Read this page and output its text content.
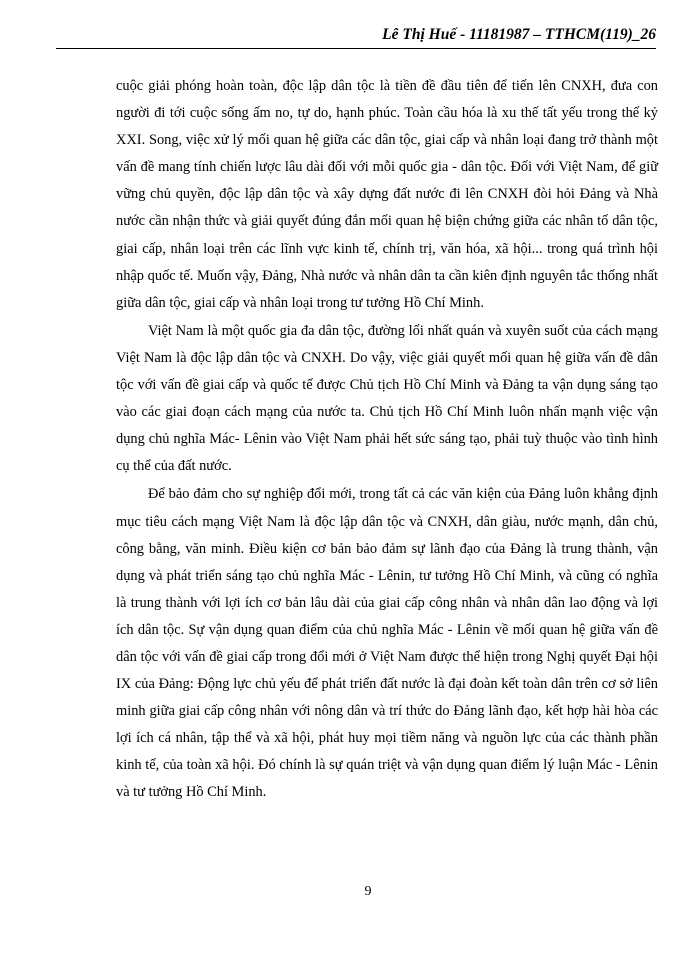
Lê Thị Huế - 11181987 – TTHCM(119)_26

cuộc giải phóng hoàn toàn, độc lập dân tộc là tiền đề đầu tiên để tiến lên CNXH, đưa con người đi tới cuộc sống ấm no, tự do, hạnh phúc. Toàn cầu hóa là xu thế tất yếu trong thế kỷ XXI. Song, việc xử lý mối quan hệ giữa các dân tộc, giai cấp và nhân loại đang trở thành một vấn đề mang tính chiến lược lâu dài đối với mỗi quốc gia - dân tộc. Đối với Việt Nam, để giữ vững chủ quyền, độc lập dân tộc và xây dựng đất nước đi lên CNXH đòi hỏi Đảng và Nhà nước cần nhận thức và giải quyết đúng đắn mối quan hệ biện chứng giữa các nhân tố dân tộc, giai cấp, nhân loại trên các lĩnh vực kinh tế, chính trị, văn hóa, xã hội... trong quá trình hội nhập quốc tế. Muốn vậy, Đảng, Nhà nước và nhân dân ta cần kiên định nguyên tắc thống nhất giữa dân tộc, giai cấp và nhân loại trong tư tưởng Hồ Chí Minh.

Việt Nam là một quốc gia đa dân tộc, đường lối nhất quán và xuyên suốt của cách mạng Việt Nam là độc lập dân tộc và CNXH. Do vậy, việc giải quyết mối quan hệ giữa vấn đề dân tộc với vấn đề giai cấp và quốc tế được Chủ tịch Hồ Chí Minh và Đảng ta vận dụng sáng tạo vào các giai đoạn cách mạng của nước ta. Chủ tịch Hồ Chí Minh luôn nhấn mạnh việc vận dụng chủ nghĩa Mác- Lênin vào Việt Nam phải hết sức sáng tạo, phải tuỳ thuộc vào tình hình cụ thể của đất nước.

Để bảo đảm cho sự nghiệp đổi mới, trong tất cả các văn kiện của Đảng luôn khẳng định mục tiêu cách mạng Việt Nam là độc lập dân tộc và CNXH, dân giàu, nước mạnh, dân chủ, công bằng, văn minh. Điều kiện cơ bản bảo đảm sự lãnh đạo của Đảng là trung thành, vận dụng và phát triển sáng tạo chủ nghĩa Mác - Lênin, tư tưởng Hồ Chí Minh, và cũng có nghĩa là trung thành với lợi ích cơ bản lâu dài của giai cấp công nhân và nhân dân lao động và lợi ích dân tộc. Sự vận dụng quan điểm của chủ nghĩa Mác - Lênin về mối quan hệ giữa vấn đề dân tộc với vấn đề giai cấp trong đổi mới ở Việt Nam được thể hiện trong Nghị quyết Đại hội IX của Đảng: Động lực chủ yếu để phát triển đất nước là đại đoàn kết toàn dân trên cơ sở liên minh giữa giai cấp công nhân với nông dân và trí thức do Đảng lãnh đạo, kết hợp hài hòa các lợi ích cá nhân, tập thể và xã hội, phát huy mọi tiềm năng và nguồn lực của các thành phần kinh tế, của toàn xã hội. Đó chính là sự quán triệt và vận dụng quan điểm lý luận Mác - Lênin và tư tưởng Hồ Chí Minh.

9
